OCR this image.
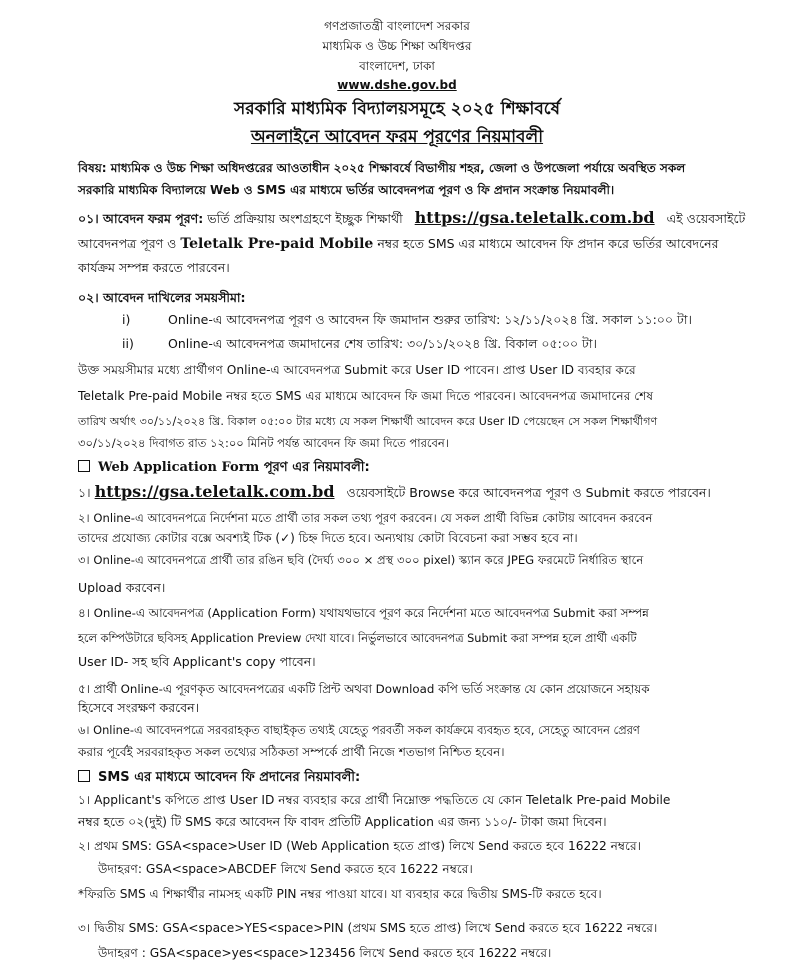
গণপ্রজাতন্ত্রী বাংলাদেশ সরকার
মাধ্যমিক ও উচ্চ শিক্ষা অধিদপ্তর
বাংলাদেশ, ঢাকা
www.dshe.gov.bd
সরকারি মাধ্যমিক বিদ্যালয়সমূহে ২০২৫ শিক্ষাবর্ষে
অনলাইনে আবেদন ফরম পূরণের নিয়মাবলী
বিষয়: মাধ্যমিক ও উচ্চ শিক্ষা অধিদপ্তরের আওতাধীন ২০২৫ শিক্ষাবর্ষে বিভাগীয় শহর, জেলা ও উপজেলা পর্যায়ে অবস্থিত সকল
সরকারি মাধ্যমিক বিদ্যালয়ে Web ও SMS এর মাধ্যমে ভর্তির আবেদনপত্র পূরণ ও ফি প্রদান সংক্রান্ত নিয়মাবলী।
০১। আবেদন ফরম পূরণ: ভর্তি প্রক্রিয়ায় অংশগ্রহণে ইচ্ছুক শিক্ষার্থী https://gsa.teletalk.com.bd এই ওয়েবসাইটে
আবেদনপত্র পূরণ ও Teletalk Pre-paid Mobile নম্বর হতে SMS এর মাধ্যমে আবেদন ফি প্রদান করে ভর্তির আবেদনের
কার্যক্রম সম্পন্ন করতে পারবেন।
০২। আবেদন দাখিলের সময়সীমা:
i)	Online-এ আবেদনপত্র পূরণ ও আবেদন ফি জমাদান শুরুর তারিখ: ১২/১১/২০২৪ খ্রি. সকাল ১১:০০ টা।
ii)	Online-এ আবেদনপত্র জমাদানের শেষ তারিখ: ৩০/১১/২০২৪ খ্রি. বিকাল ০৫:০০ টা।
উক্ত সময়সীমার মধ্যে প্রার্থীগণ Online-এ আবেদনপত্র Submit করে User ID পাবেন। প্রাপ্ত User ID ব্যবহার করে
Teletalk Pre-paid Mobile নম্বর হতে SMS এর মাধ্যমে আবেদন ফি জমা দিতে পারবেন। আবেদনপত্র জমাদানের শেষ
তারিখ অর্থাৎ ৩০/১১/২০২৪ খ্রি. বিকাল ০৫:০০ টার মধ্যে যে সকল শিক্ষার্থী আবেদন করে User ID পেয়েছেন সে সকল শিক্ষার্থীগণ
৩০/১১/২০২৪ দিবাগত রাত ১২:০০ মিনিট পর্যন্ত আবেদন ফি জমা দিতে পারবেন।
Web Application Form পূরণ এর নিয়মাবলী:
১। https://gsa.teletalk.com.bd ওয়েবসাইটে Browse করে আবেদনপত্র পূরণ ও Submit করতে পারবেন।
২। Online-এ আবেদনপত্রে নির্দেশনা মতে প্রার্থী তার সকল তথ্য পূরণ করবেন। যে সকল প্রার্থী বিভিন্ন কোটায় আবেদন করবেন
তাদের প্রযোজ্য কোটার বক্সে অবশ্যই টিক (✓) চিহ্ন দিতে হবে। অন্যথায় কোটা বিবেচনা করা সম্ভব হবে না।
৩। Online-এ আবেদনপত্রে প্রার্থী তার রঙিন ছবি (দৈর্ঘ্য ৩০০ × প্রস্থ ৩০০ pixel) স্ক্যান করে JPEG ফরমেটে নির্ধারিত স্থানে
Upload করবেন।
৪। Online-এ আবেদনপত্র (Application Form) যথাযথভাবে পূরণ করে নির্দেশনা মতে আবেদনপত্র Submit করা সম্পন্ন
হলে কম্পিউটারে ছবিসহ Application Preview দেখা যাবে। নির্ভুলভাবে আবেদনপত্র Submit করা সম্পন্ন হলে প্রার্থী একটি
User ID- সহ ছবি Applicant's copy পাবেন।
৫। প্রার্থী Online-এ পূরণকৃত আবেদনপত্রের একটি প্রিন্ট অথবা Download কপি ভর্তি সংক্রান্ত যে কোন প্রয়োজনে সহায়ক
হিসেবে সংরক্ষণ করবেন।
৬। Online-এ আবেদনপত্রে সরবরাহকৃত বাছাইকৃত তথ্যই যেহেতু পরবর্তী সকল কার্যক্রমে ব্যবহৃত হবে, সেহেতু আবেদন প্রেরণ
করার পূর্বেই সরবরাহকৃত সকল তথ্যের সঠিকতা সম্পর্কে প্রার্থী নিজে শতভাগ নিশ্চিত হবেন।
SMS এর মাধ্যমে আবেদন ফি প্রদানের নিয়মাবলী:
১। Applicant's কপিতে প্রাপ্ত User ID নম্বর ব্যবহার করে প্রার্থী নিম্নোক্ত পদ্ধতিতে যে কোন Teletalk Pre-paid Mobile
নম্বর হতে ০২(দুই) টি SMS করে আবেদন ফি বাবদ প্রতিটি Application এর জন্য ১১০/- টাকা জমা দিবেন।
২। প্রথম SMS: GSA<space>User ID (Web Application হতে প্রাপ্ত) লিখে Send করতে হবে 16222 নম্বরে।
উদাহরণ: GSA<space>ABCDEF লিখে Send করতে হবে 16222 নম্বরে।
*ফিরতি SMS এ শিক্ষার্থীর নামসহ একটি PIN নম্বর পাওয়া যাবে। যা ব্যবহার করে দ্বিতীয় SMS-টি করতে হবে।
৩। দ্বিতীয় SMS: GSA<space>YES<space>PIN (প্রথম SMS হতে প্রাপ্ত) লিখে Send করতে হবে 16222 নম্বরে।
উদাহরণ : GSA<space>yes<space>123456 লিখে Send করতে হবে 16222 নম্বরে।
